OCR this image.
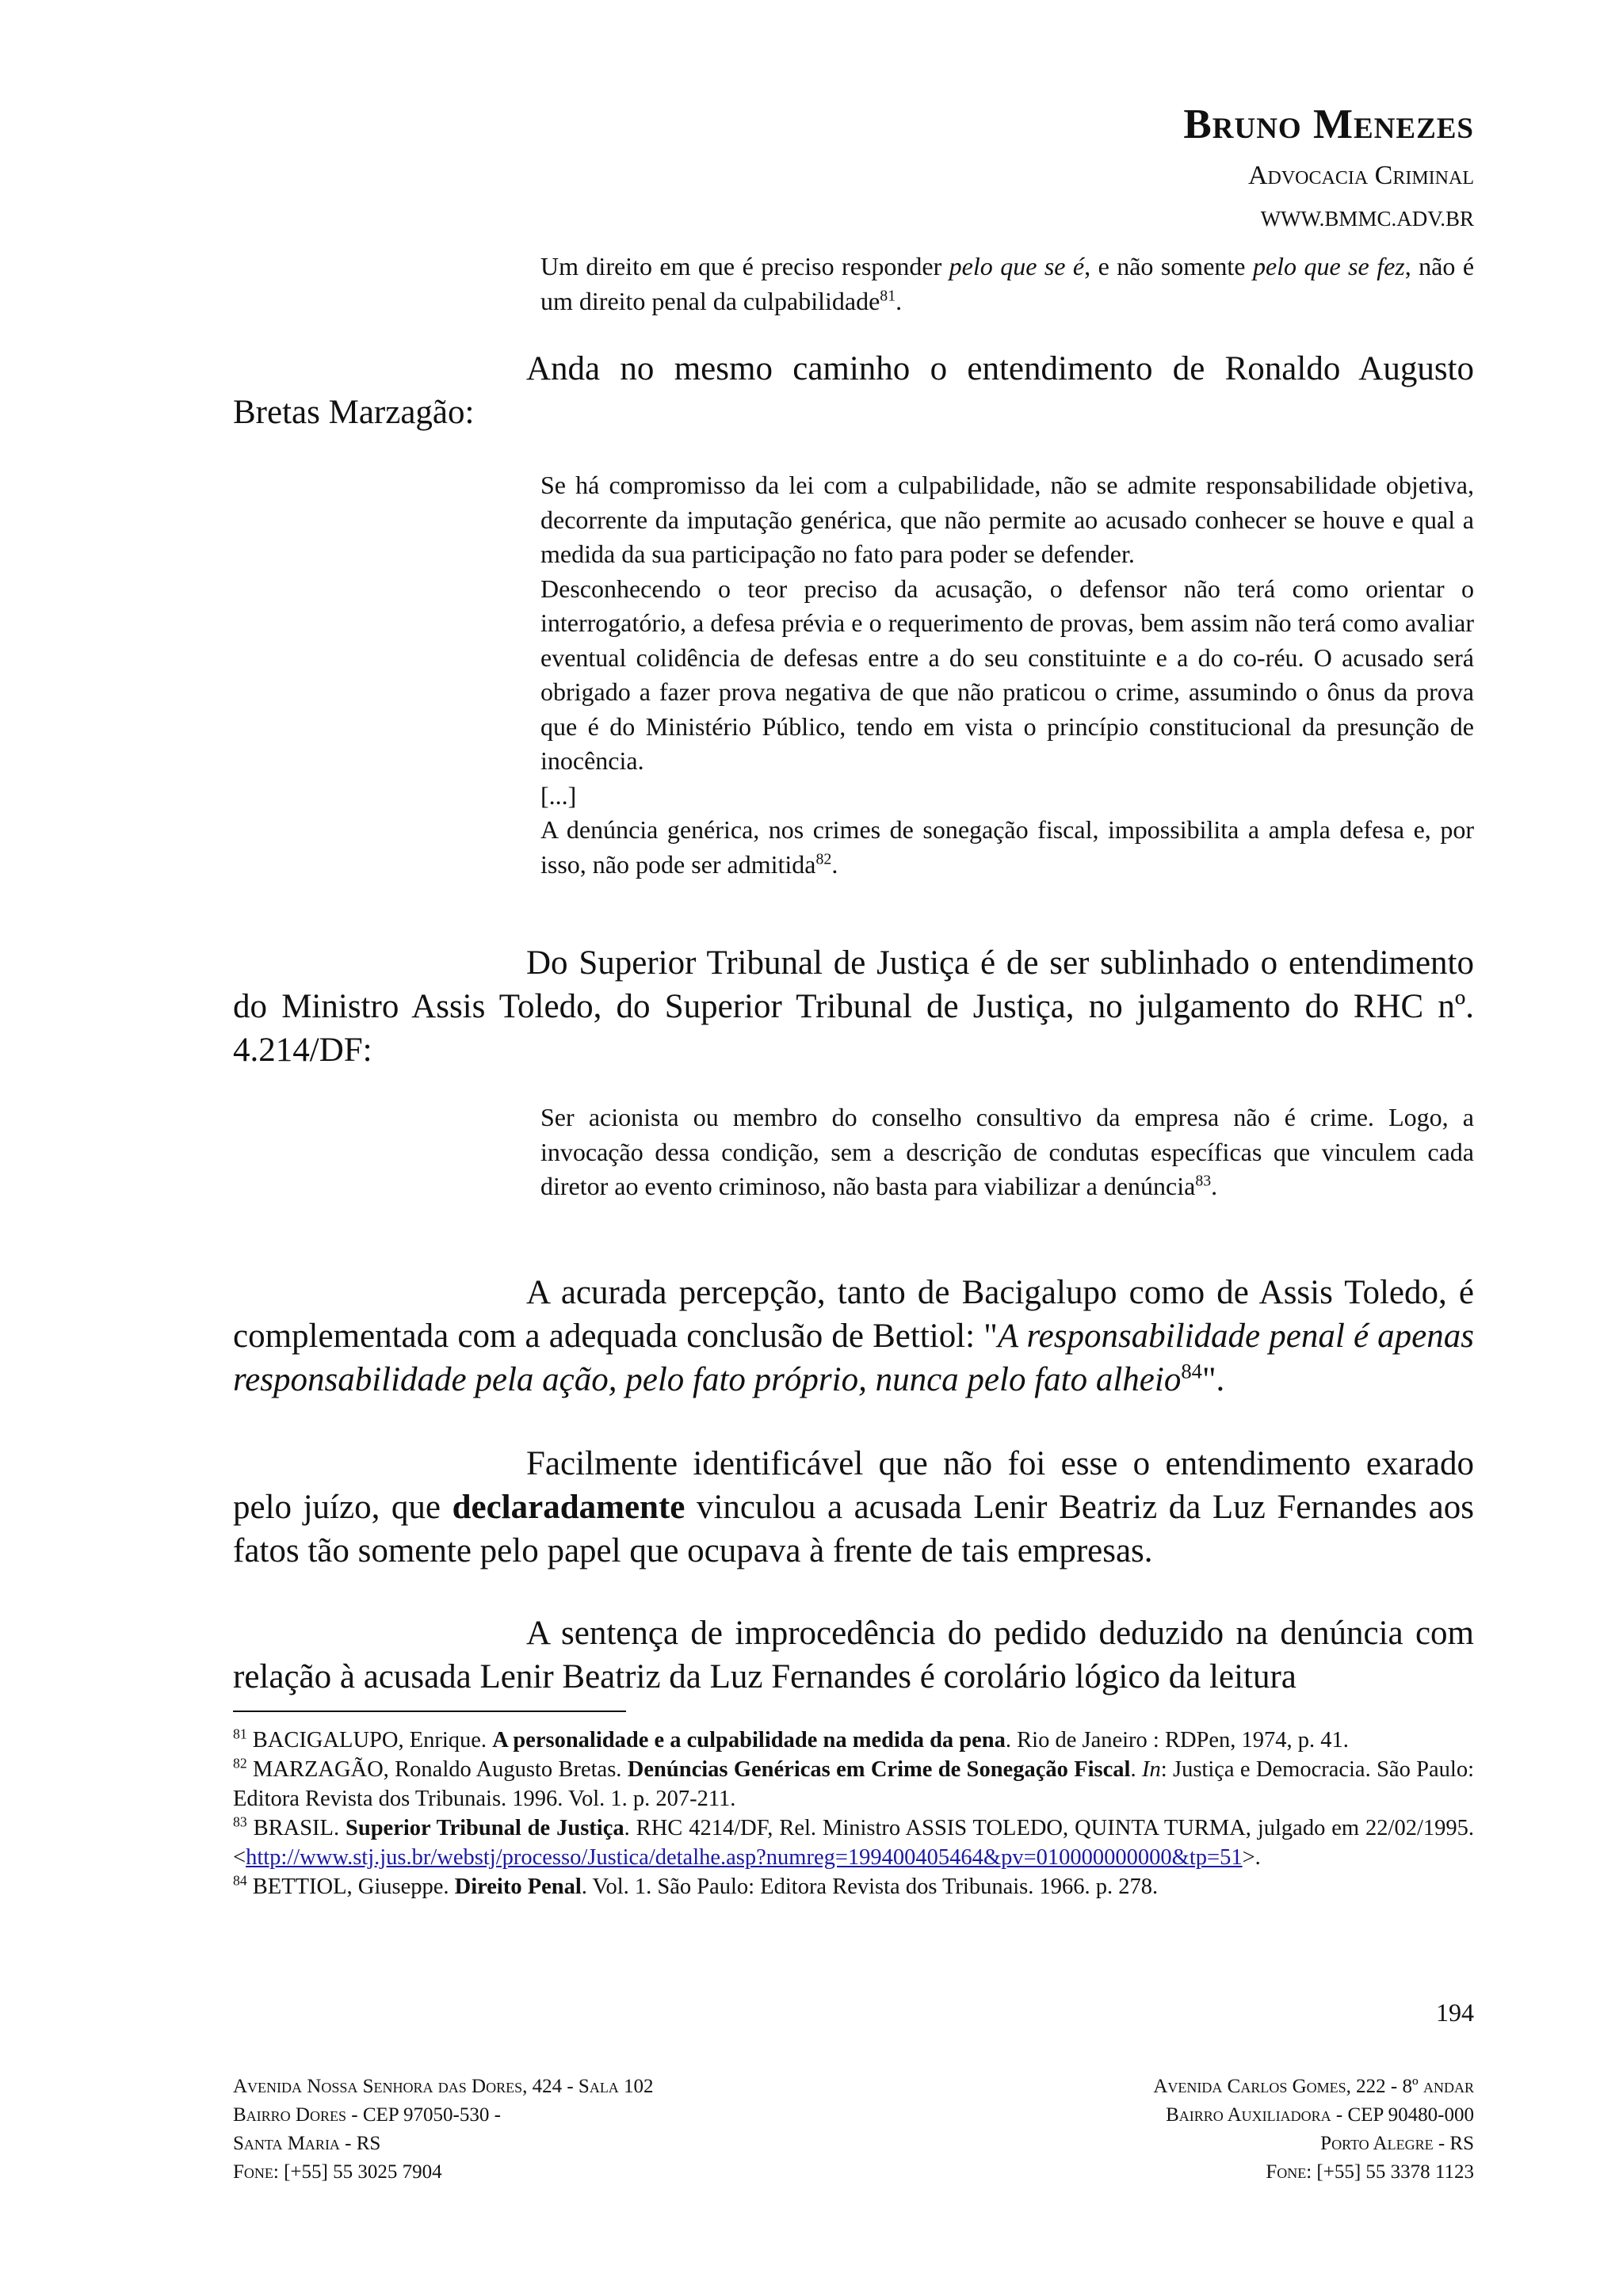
Bruno Menezes
Advocacia Criminal
WWW.BMMC.ADV.BR

Um direito em que é preciso responder pelo que se é, e não somente pelo que se fez, não é um direito penal da culpabilidade$^{81}$.

Anda no mesmo caminho o entendimento de Ronaldo Augusto Bretas Marzagão:

Se há compromisso da lei com a culpabilidade, não se admite responsabilidade objetiva, decorrente da imputação genérica, que não permite ao acusado conhecer se houve e qual a medida da sua participação no fato para poder se defender.

Desconhecendo o teor preciso da acusação, o defensor não terá como orientar o interrogatório, a defesa prévia e o requerimento de provas, bem assim não terá como avaliar eventual colidência de defesas entre a do seu constituinte e a do co-réu. O acusado será obrigado a fazer prova negativa de que não praticou o crime, assumindo o ônus da prova que é do Ministério Público, tendo em vista o princípio constitucional da presunção de inocência.

[...]

A denúncia genérica, nos crimes de sonegação fiscal, impossibilita a ampla defesa e, por isso, não pode ser admitida$^{82}$.

Do Superior Tribunal de Justiça é de ser sublinhado o entendimento do Ministro Assis Toledo, do Superior Tribunal de Justiça, no julgamento do RHC nº. 4.214/DF:

Ser acionista ou membro do conselho consultivo da empresa não é crime. Logo, a invocação dessa condição, sem a descrição de condutas específicas que vinculem cada diretor ao evento criminoso, não basta para viabilizar a denúncia$^{83}$.

A acurada percepção, tanto de Bacigalupo como de Assis Toledo, é complementada com a adequada conclusão de Bettiol: "A responsabilidade penal é apenas responsabilidade pela ação, pelo fato próprio, nunca pelo fato alheio$^{84}$".

Facilmente identificável que não foi esse o entendimento exarado pelo juízo, que declaradamente vinculou a acusada Lenir Beatriz da Luz Fernandes aos fatos tão somente pelo papel que ocupava à frente de tais empresas.

A sentença de improcedência do pedido deduzido na denúncia com relação à acusada Lenir Beatriz da Luz Fernandes é corolário lógico da leitura

$^{81}$ BACIGALUPO, Enrique. A personalidade e a culpabilidade na medida da pena. Rio de Janeiro : RDPen, 1974, p. 41.

$^{82}$ MARZAGÃO, Ronaldo Augusto Bretas. Denúncias Genéricas em Crime de Sonegação Fiscal. In: Justiça e Democracia. São Paulo: Editora Revista dos Tribunais. 1996. Vol. 1. p. 207-211.

$^{83}$ BRASIL. Superior Tribunal de Justiça. RHC 4214/DF, Rel. Ministro ASSIS TOLEDO, QUINTA TURMA, julgado em 22/02/1995. <http://www.stj.jus.br/webstj/processo/Justica/detalhe.asp?numreg=199400405464&pv=010000000000&tp=51>.

$^{84}$ BETTIOL, Giuseppe. Direito Penal. Vol. 1. São Paulo: Editora Revista dos Tribunais. 1966. p. 278.

194
Avenida Nossa Senhora das Dores, 424 - Sala 102
Bairro Dores - CEP 97050-530 -
Santa Maria - RS
Fone: [+55] 55 3025 7904
Avenida Carlos Gomes, 222 - 8º andar
Bairro Auxiliadora - CEP 90480-000
Porto Alegre - RS
Fone: [+55] 55 3378 1123
